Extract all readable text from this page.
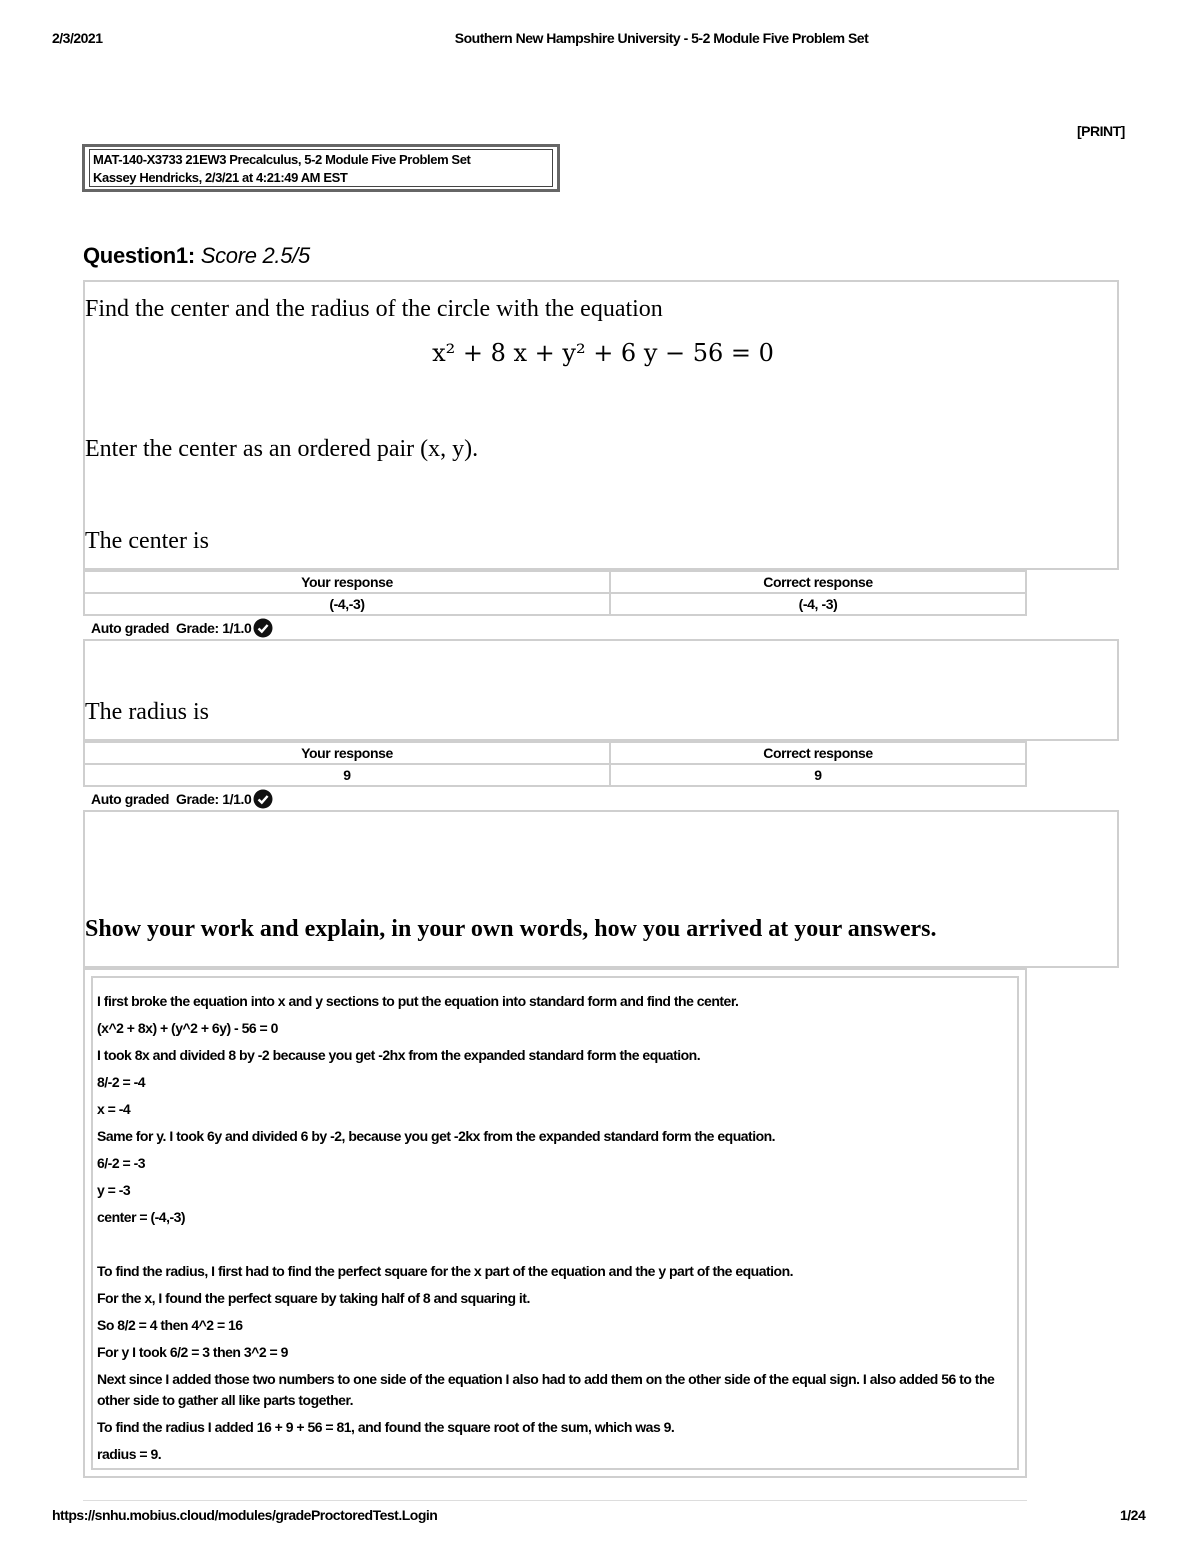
2/3/2021	Southern New Hampshire University - 5-2 Module Five Problem Set
[PRINT]
MAT-140-X3733 21EW3 Precalculus, 5-2 Module Five Problem Set
Kassey Hendricks, 2/3/21 at 4:21:49 AM EST
Question1: Score 2.5/5
Find the center and the radius of the circle with the equation
x² + 8 x + y² + 6 y − 56 = 0
Enter the center as an ordered pair (x, y).
The center is
Your response	Correct response
(-4,-3)	(-4, -3)
Auto graded  Grade: 1/1.0
The radius is
Your response	Correct response
9	9
Auto graded  Grade: 1/1.0
Show your work and explain, in your own words, how you arrived at your answers.
I first broke the equation into x and y sections to put the equation into standard form and find the center.
(x^2 + 8x) + (y^2 + 6y) - 56 = 0
I took 8x and divided 8 by -2 because you get -2hx from the expanded standard form the equation.
8/-2 = -4
x = -4
Same for y. I took 6y and divided 6 by -2, because you get -2kx from the expanded standard form the equation.
6/-2 = -3
y = -3
center = (-4,-3)
To find the radius, I first had to find the perfect square for the x part of the equation and the y part of the equation.
For the x, I found the perfect square by taking half of 8 and squaring it.
So 8/2 = 4 then 4^2 = 16
For y I took 6/2 = 3 then 3^2 = 9
Next since I added those two numbers to one side of the equation I also had to add them on the other side of the equal sign. I also added 56 to the other side to gather all like parts together.
To find the radius I added 16 + 9 + 56 = 81, and found the square root of the sum, which was 9.
radius = 9.
https://snhu.mobius.cloud/modules/gradeProctoredTest.Login	1/24
